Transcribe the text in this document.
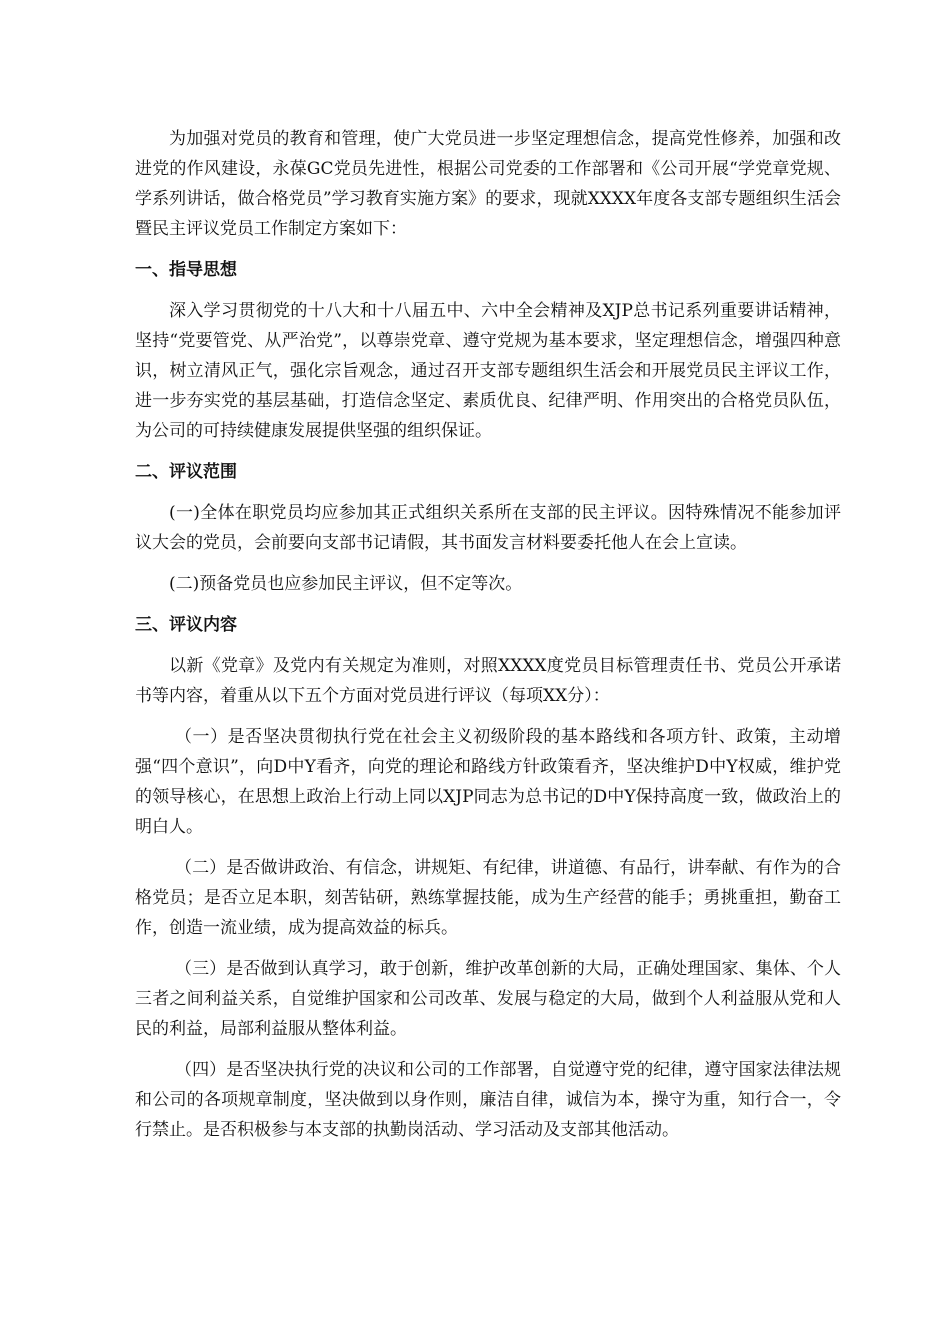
为加强对党员的教育和管理，使广大党员进一步坚定理想信念，提高党性修养，加强和改进党的作风建设，永葆GC党员先进性，根据公司党委的工作部署和《公司开展“学党章党规、学系列讲话，做合格党员”学习教育实施方案》的要求，现就XXXX年度各支部专题组织生活会暨民主评议党员工作制定方案如下：

一、指导思想

深入学习贯彻党的十八大和十八届五中、六中全会精神及XJP总书记系列重要讲话精神，坚持“党要管党、从严治党”，以尊崇党章、遵守党规为基本要求，坚定理想信念，增强四种意识，树立清风正气，强化宗旨观念，通过召开支部专题组织生活会和开展党员民主评议工作，进一步夯实党的基层基础，打造信念坚定、素质优良、纪律严明、作用突出的合格党员队伍，为公司的可持续健康发展提供坚强的组织保证。

二、评议范围

(一)全体在职党员均应参加其正式组织关系所在支部的民主评议。因特殊情况不能参加评议大会的党员，会前要向支部书记请假，其书面发言材料要委托他人在会上宣读。

(二)预备党员也应参加民主评议，但不定等次。

三、评议内容

以新《党章》及党内有关规定为准则，对照XXXX度党员目标管理责任书、党员公开承诺书等内容，着重从以下五个方面对党员进行评议（每项XX分）：

（一）是否坚决贯彻执行党在社会主义初级阶段的基本路线和各项方针、政策，主动增强“四个意识”，向D中Y看齐，向党的理论和路线方针政策看齐，坚决维护D中Y权威，维护党的领导核心，在思想上政治上行动上同以XJP同志为总书记的D中Y保持高度一致，做政治上的明白人。

（二）是否做讲政治、有信念，讲规矩、有纪律，讲道德、有品行，讲奉献、有作为的合格党员；是否立足本职，刻苦钻研，熟练掌握技能，成为生产经营的能手；勇挑重担，勤奋工作，创造一流业绩，成为提高效益的标兵。

（三）是否做到认真学习，敢于创新，维护改革创新的大局，正确处理国家、集体、个人三者之间利益关系，自觉维护国家和公司改革、发展与稳定的大局，做到个人利益服从党和人民的利益，局部利益服从整体利益。

（四）是否坚决执行党的决议和公司的工作部署，自觉遵守党的纪律，遵守国家法律法规和公司的各项规章制度，坚决做到以身作则，廉洁自律，诚信为本，操守为重，知行合一，令行禁止。是否积极参与本支部的执勤岗活动、学习活动及支部其他活动。
